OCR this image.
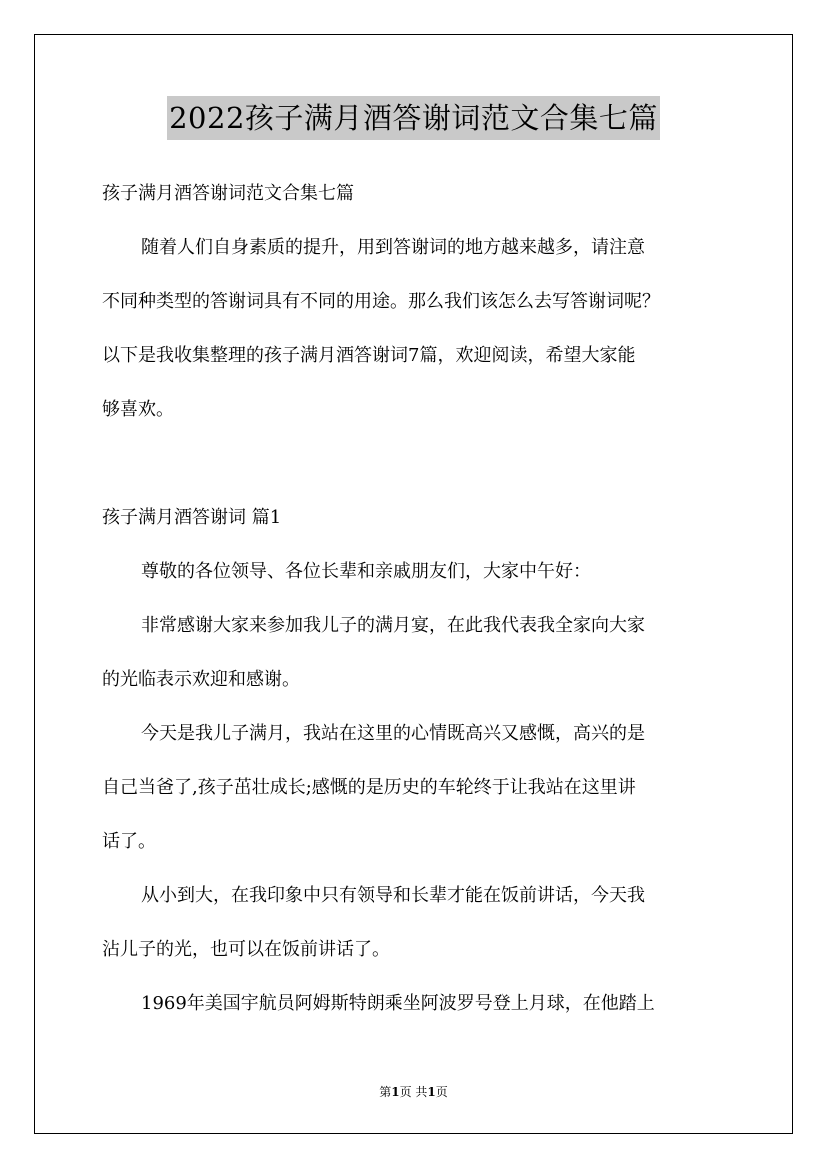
2022孩子满月酒答谢词范文合集七篇
孩子满月酒答谢词范文合集七篇
随着人们自身素质的提升，用到答谢词的地方越来越多，请注意
不同种类型的答谢词具有不同的用途。那么我们该怎么去写答谢词呢？
以下是我收集整理的孩子满月酒答谢词7篇，欢迎阅读，希望大家能
够喜欢。
孩子满月酒答谢词 篇1
尊敬的各位领导、各位长辈和亲戚朋友们，大家中午好：
非常感谢大家来参加我儿子的满月宴，在此我代表我全家向大家
的光临表示欢迎和感谢。
今天是我儿子满月，我站在这里的心情既高兴又感慨，高兴的是
自己当爸了,孩子茁壮成长;感慨的是历史的车轮终于让我站在这里讲
话了。
从小到大，在我印象中只有领导和长辈才能在饭前讲话，今天我
沾儿子的光，也可以在饭前讲话了。
1969年美国宇航员阿姆斯特朗乘坐阿波罗号登上月球，在他踏上
第1页 共1页
